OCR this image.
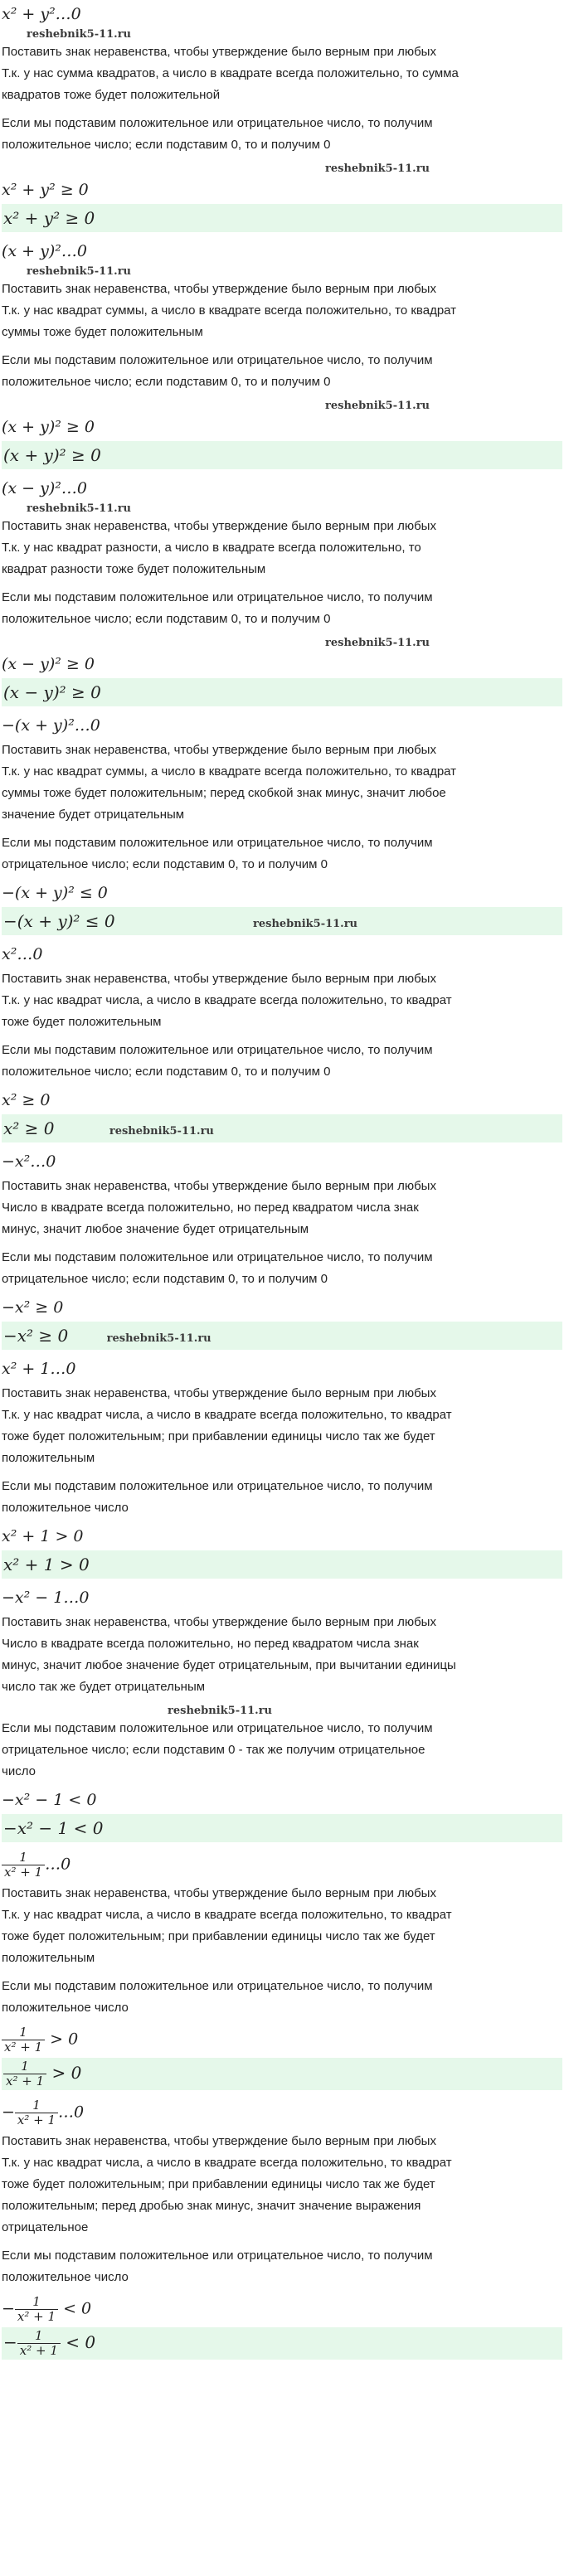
x² + y²…0
reshebnik5-11.ru
Поставить знак неравенства, чтобы утверждение было верным при любых
Т.к. у нас сумма квадратов, а число в квадрате всегда положительно, то сумма
квадратов тоже будет положительной
Если мы подставим положительное или отрицательное число, то получим
положительное число; если подставим 0, то и получим 0
reshebnik5-11.ru
x² + y² ≥ 0
x² + y² ≥ 0
(x + y)²…0
reshebnik5-11.ru
Поставить знак неравенства, чтобы утверждение было верным при любых
Т.к. у нас квадрат суммы, а число в квадрате всегда положительно, то квадрат
суммы тоже будет положительным
Если мы подставим положительное или отрицательное число, то получим
положительное число; если подставим 0, то и получим 0
reshebnik5-11.ru
(x + y)² ≥ 0
(x + y)² ≥ 0
(x − y)²…0
reshebnik5-11.ru
Поставить знак неравенства, чтобы утверждение было верным при любых
Т.к. у нас квадрат разности, а число в квадрате всегда положительно, то
квадрат разности тоже будет положительным
Если мы подставим положительное или отрицательное число, то получим
положительное число; если подставим 0, то и получим 0
reshebnik5-11.ru
(x − y)² ≥ 0
(x − y)² ≥ 0
−(x + y)²…0
Поставить знак неравенства, чтобы утверждение было верным при любых
Т.к. у нас квадрат суммы, а число в квадрате всегда положительно, то квадрат
суммы тоже будет положительным; перед скобкой знак минус, значит любое
значение будет отрицательным
Если мы подставим положительное или отрицательное число, то получим
отрицательное число; если подставим 0, то и получим 0
−(x + y)² ≤ 0
−(x + y)² ≤ 0	reshebnik5-11.ru
x²…0
Поставить знак неравенства, чтобы утверждение было верным при любых
Т.к. у нас квадрат числа, а число в квадрате всегда положительно, то квадрат
тоже будет положительным
Если мы подставим положительное или отрицательное число, то получим
положительное число; если подставим 0, то и получим 0
x² ≥ 0
x² ≥ 0	reshebnik5-11.ru
−x²…0
Поставить знак неравенства, чтобы утверждение было верным при любых
Число в квадрате всегда положительно, но перед квадратом числа знак
минус, значит любое значение будет отрицательным
Если мы подставим положительное или отрицательное число, то получим
отрицательное число; если подставим 0, то и получим 0
−x² ≥ 0
−x² ≥ 0	reshebnik5-11.ru
x² + 1…0
Поставить знак неравенства, чтобы утверждение было верным при любых
Т.к. у нас квадрат числа, а число в квадрате всегда положительно, то квадрат
тоже будет положительным; при прибавлении единицы число так же будет
положительным
Если мы подставим положительное или отрицательное число, то получим
положительное число
x² + 1 > 0
x² + 1 > 0
−x² − 1…0
Поставить знак неравенства, чтобы утверждение было верным при любых
Число в квадрате всегда положительно, но перед квадратом числа знак
минус, значит любое значение будет отрицательным, при вычитании единицы
число так же будет отрицательным
reshebnik5-11.ru
Если мы подставим положительное или отрицательное число, то получим
отрицательное число; если подставим 0 - так же получим отрицательное
число
−x² − 1 < 0
−x² − 1 < 0
$\frac{1}{\text{x² + 1}}$ …0
Поставить знак неравенства, чтобы утверждение было верным при любых
Т.к. у нас квадрат числа, а число в квадрате всегда положительно, то квадрат
тоже будет положительным; при прибавлении единицы число так же будет
положительным
Если мы подставим положительное или отрицательное число, то получим
положительное число
$\frac{1}{\text{x² + 1}} > 0$
$\frac{1}{\text{x² + 1}} > 0$
− $\frac{1}{\text{x² + 1}}$ …0
Поставить знак неравенства, чтобы утверждение было верным при любых
Т.к. у нас квадрат числа, а число в квадрате всегда положительно, то квадрат
тоже будет положительным; при прибавлении единицы число так же будет
положительным; перед дробью знак минус, значит значение выражения
отрицательное
Если мы подставим положительное или отрицательное число, то получим
положительное число
− $\frac{1}{\text{x² + 1}} < 0$
− $\frac{1}{\text{x² + 1}} < 0$
